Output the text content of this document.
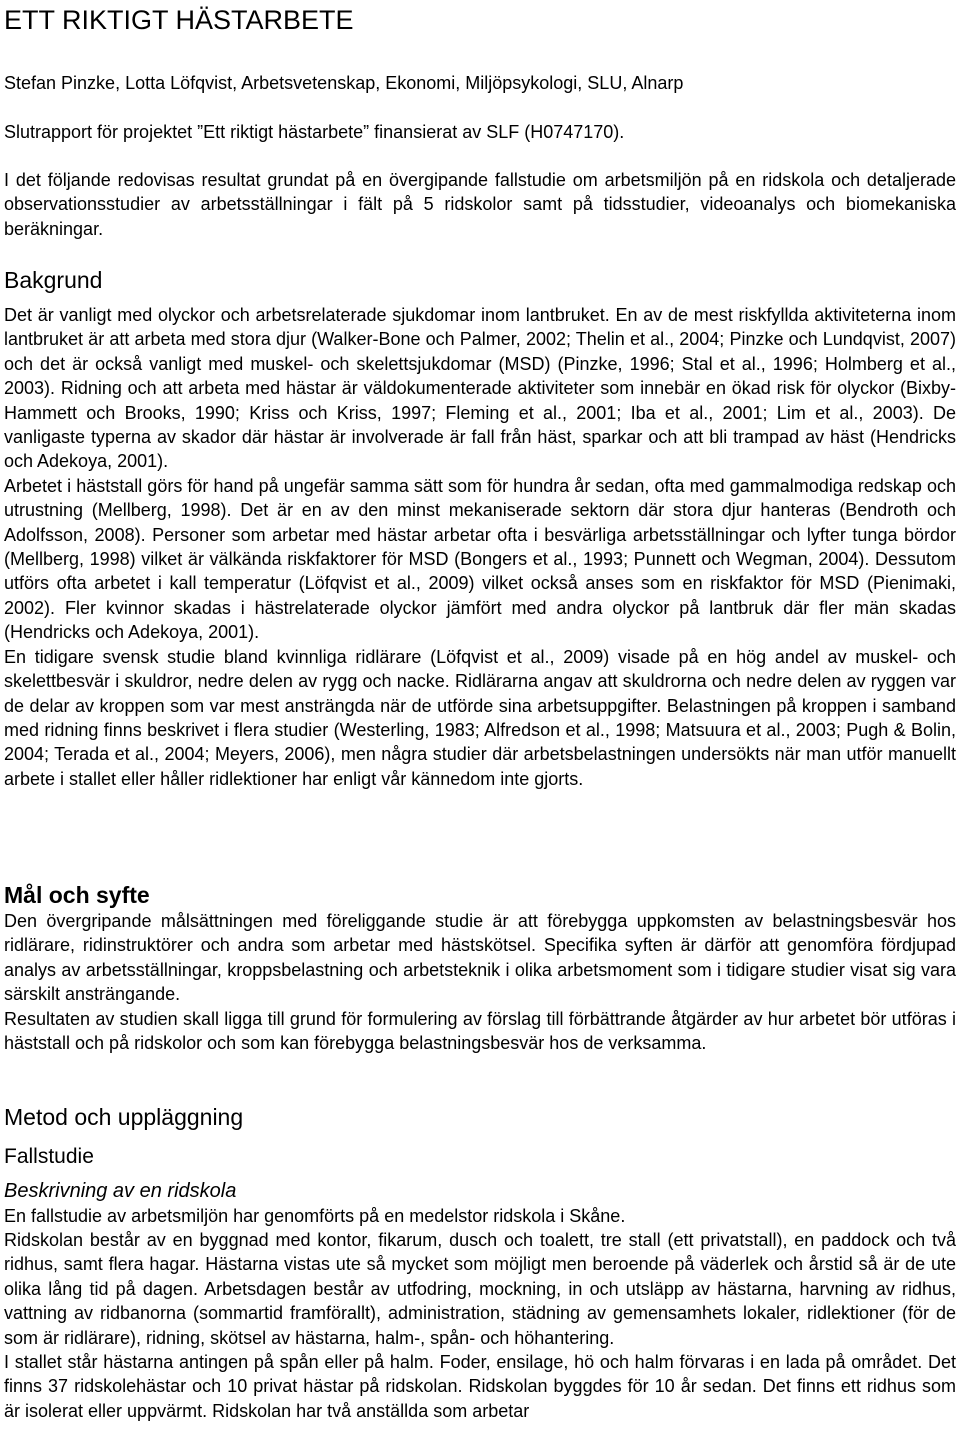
ETT RIKTIGT HÄSTARBETE
Stefan Pinzke, Lotta Löfqvist, Arbetsvetenskap, Ekonomi, Miljöpsykologi, SLU, Alnarp
Slutrapport för projektet ”Ett riktigt hästarbete” finansierat av SLF (H0747170).

I det följande redovisas resultat grundat på en övergipande fallstudie om arbetsmiljön på en ridskola och detaljerade observationsstudier av arbetsställningar i fält på 5 ridskolor samt på tidsstudier, videoanalys och biomekaniska beräkningar.

Bakgrund

Det är vanligt med olyckor och arbetsrelaterade sjukdomar inom lantbruket. En av de mest riskfyllda aktiviteterna inom lantbruket är att arbeta med stora djur (Walker-Bone och Palmer, 2002; Thelin et al., 2004; Pinzke och Lundqvist, 2007) och det är också vanligt med muskel- och skelettsjukdomar (MSD) (Pinzke, 1996; Stal et al., 1996; Holmberg et al., 2003). Ridning och att arbeta med hästar är väldokumenterade aktiviteter som innebär en ökad risk för olyckor (Bixby-Hammett och Brooks, 1990; Kriss och Kriss, 1997; Fleming et al., 2001; Iba et al., 2001; Lim et al., 2003). De vanligaste typerna av skador där hästar är involverade är fall från häst, sparkar och att bli trampad av häst (Hendricks och Adekoya, 2001).

Arbetet i häststall görs för hand på ungefär samma sätt som för hundra år sedan, ofta med gammalmodiga redskap och utrustning (Mellberg, 1998). Det är en av den minst mekaniserade sektorn där stora djur hanteras (Bendroth och Adolfsson, 2008). Personer som arbetar med hästar arbetar ofta i besvärliga arbetsställningar och lyfter tunga bördor (Mellberg, 1998) vilket är välkända riskfaktorer för MSD (Bongers et al., 1993; Punnett och Wegman, 2004). Dessutom utförs ofta arbetet i kall temperatur (Löfqvist et al., 2009) vilket också anses som en riskfaktor för MSD (Pienimaki, 2002). Fler kvinnor skadas i hästrelaterade olyckor jämfört med andra olyckor på lantbruk där fler män skadas (Hendricks och Adekoya, 2001).

En tidigare svensk studie bland kvinnliga ridlärare (Löfqvist et al., 2009) visade på en hög andel av muskel- och skelettbesvär i skuldror, nedre delen av rygg och nacke. Ridlärarna angav att skuldrorna och nedre delen av ryggen var de delar av kroppen som var mest ansträngda när de utförde sina arbetsuppgifter. Belastningen på kroppen i samband med ridning finns beskrivet i flera studier (Westerling, 1983; Alfredson et al., 1998; Matsuura et al., 2003; Pugh & Bolin, 2004; Terada et al., 2004; Meyers, 2006), men några studier där arbetsbelastningen undersökts när man utför manuellt arbete i stallet eller håller ridlektioner har enligt vår kännedom inte gjorts.

Mål och syfte

Den övergripande målsättningen med föreliggande studie är att förebygga uppkomsten av belastningsbesvär hos ridlärare, ridinstruktörer och andra som arbetar med hästskötsel. Specifika syften är därför att genomföra fördjupad analys av arbetsställningar, kroppsbelastning och arbetsteknik i olika arbetsmoment som i tidigare studier visat sig vara särskilt ansträngande.

Resultaten av studien skall ligga till grund för formulering av förslag till förbättrande åtgärder av hur arbetet bör utföras i häststall och på ridskolor och som kan förebygga belastningsbesvär hos de verksamma.

Metod och uppläggning
Fallstudie
Beskrivning av en ridskola
En fallstudie av arbetsmiljön har genomförts på en medelstor ridskola i Skåne.

Ridskolan består av en byggnad med kontor, fikarum, dusch och toalett, tre stall (ett privatstall), en paddock och två ridhus, samt flera hagar. Hästarna vistas ute så mycket som möjligt men beroende på väderlek och årstid så är de ute olika lång tid på dagen. Arbetsdagen består av utfodring, mockning, in och utsläpp av hästarna, harvning av ridhus, vattning av ridbanorna (sommartid framförallt), administration, städning av gemensamhets lokaler, ridlektioner (för de som är ridlärare), ridning, skötsel av hästarna, halm-, spån- och höhantering.

I stallet står hästarna antingen på spån eller på halm. Foder, ensilage, hö och halm förvaras i en lada på området. Det finns 37 ridskolehästar och 10 privat hästar på ridskolan. Ridskolan byggdes för 10 år sedan. Det finns ett ridhus som är isolerat eller uppvärmt. Ridskolan har två anställda som arbetar
